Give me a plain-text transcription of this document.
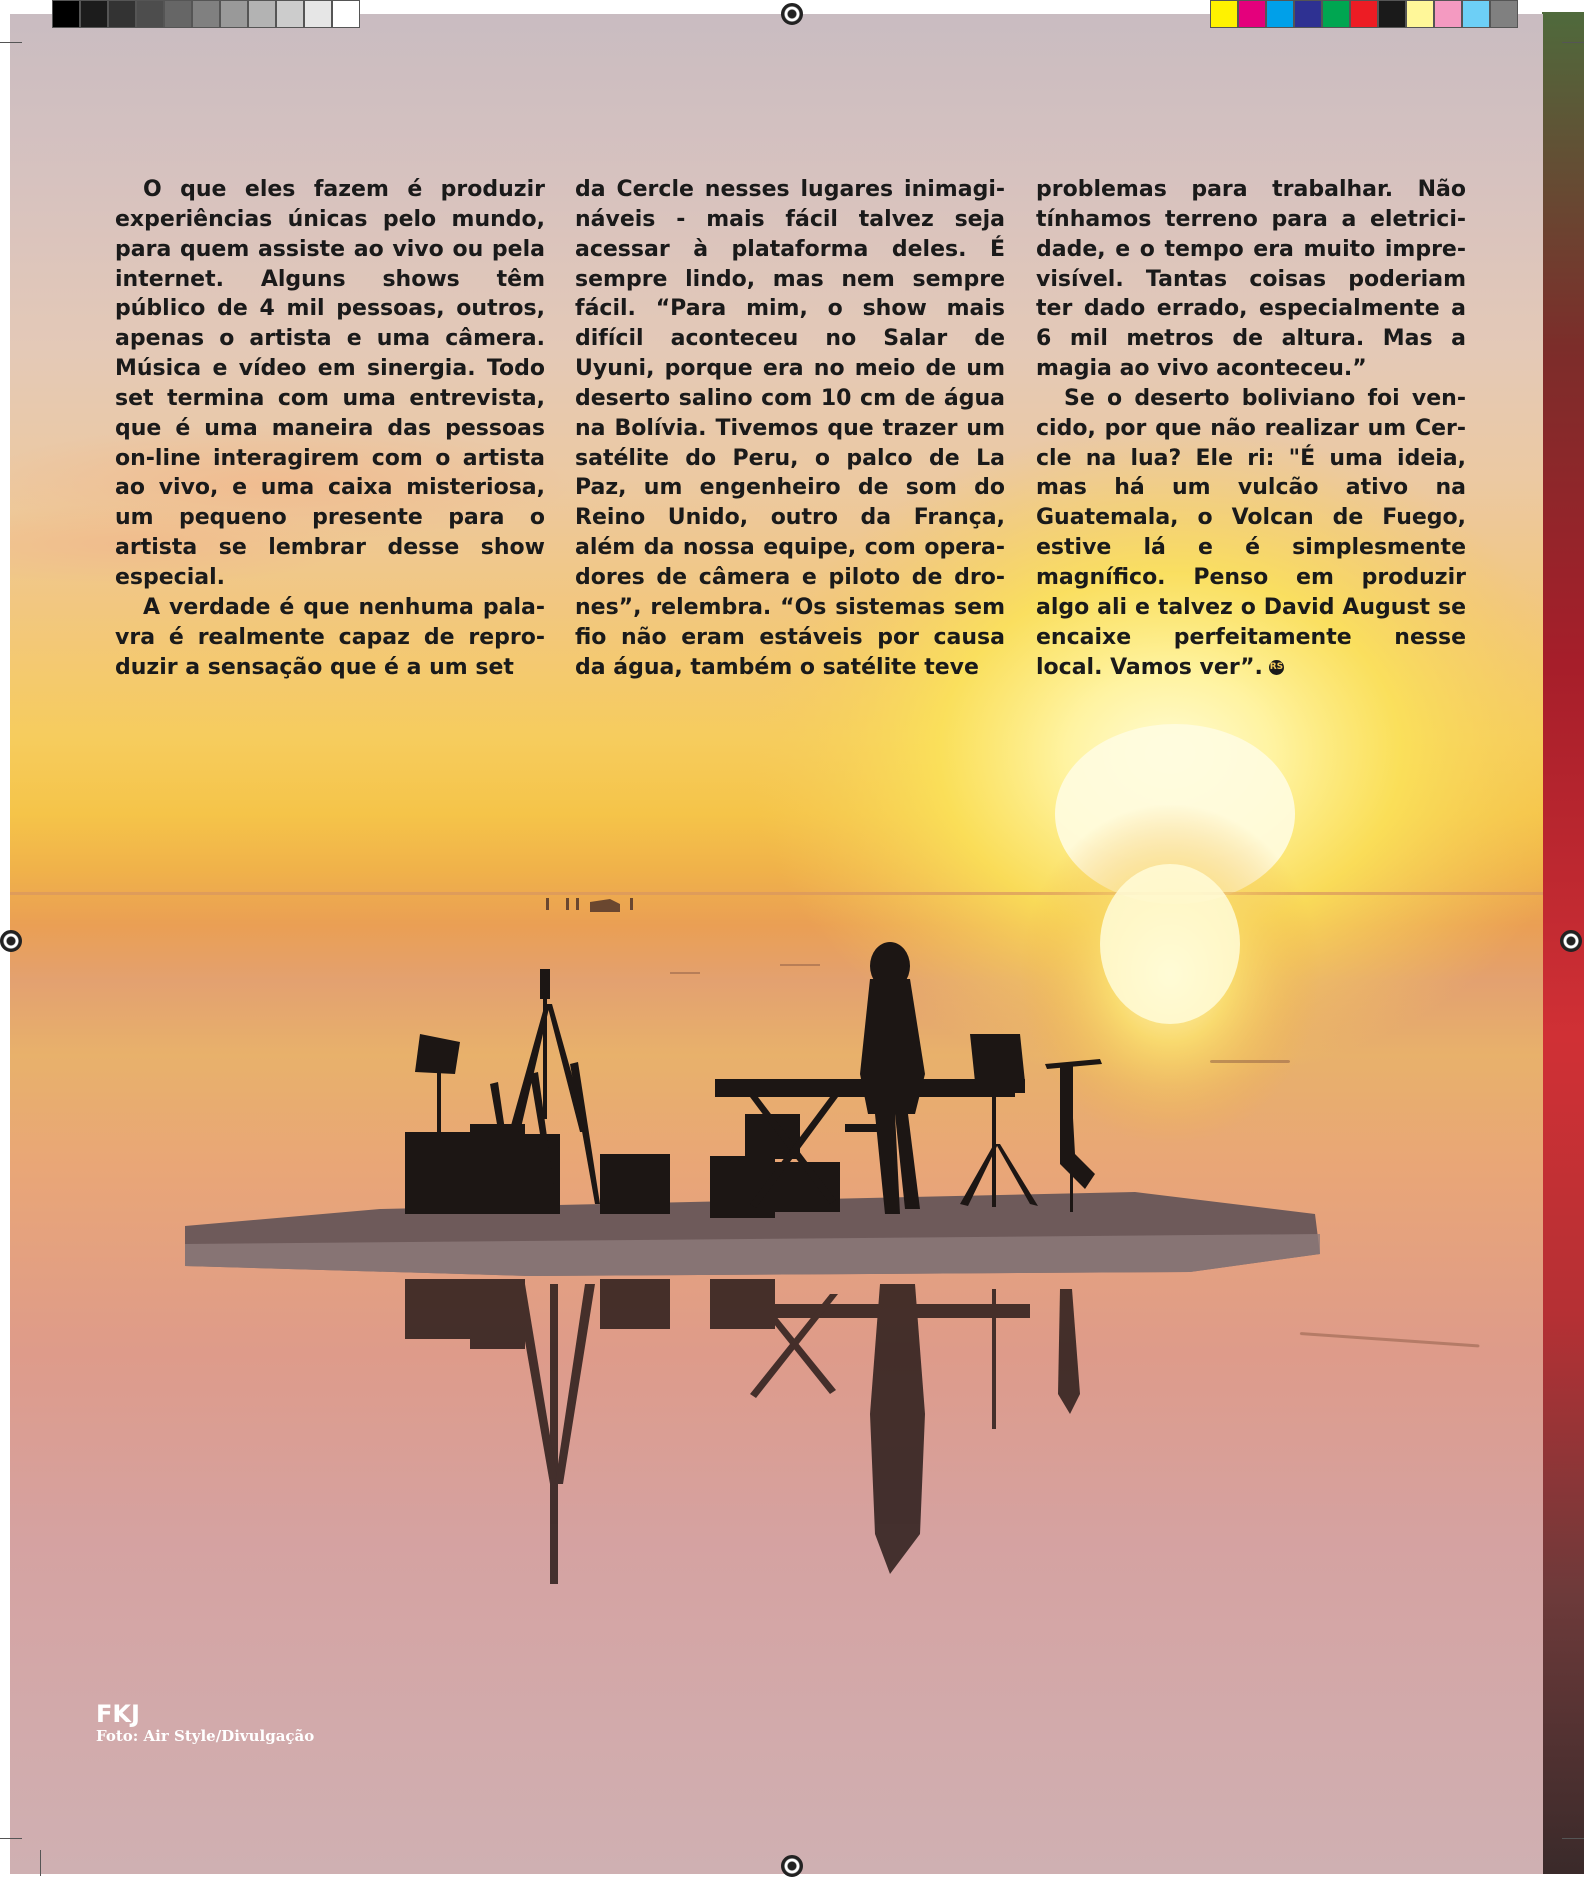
O que eles fazem é produzir experiências únicas pelo mundo, para quem assiste ao vivo ou pela internet. Alguns shows têm público de 4 mil pessoas, outros, apenas o artista e uma câmera. Música e vídeo em sinergia. Todo set termina com uma entrevista, que é uma maneira das pessoas on-line interagirem com o artista ao vivo, e uma caixa misteriosa, um pequeno presente para o artista se lembrar desse show especial.

A verdade é que nenhuma palavra é realmente capaz de reproduzir a sensação que é a um set

da Cercle nesses lugares inimagináveis - mais fácil talvez seja acessar à plataforma deles. É sempre lindo, mas nem sempre fácil. “Para mim, o show mais difícil aconteceu no Salar de Uyuni, porque era no meio de um deserto salino com 10 cm de água na Bolívia. Tivemos que trazer um satélite do Peru, o palco de La Paz, um engenheiro de som do Reino Unido, outro da França, além da nossa equipe, com operadores de câmera e piloto de drones”, relembra. “Os sistemas sem fio não eram estáveis por causa da água, também o satélite teve

problemas para trabalhar. Não tínhamos terreno para a eletricidade, e o tempo era muito imprevisível. Tantas coisas poderiam ter dado errado, especialmente a 6 mil metros de altura. Mas a magia ao vivo aconteceu.”

Se o deserto boliviano foi vencido, por que não realizar um Cercle na lua? Ele ri: "É uma ideia, mas há um vulcão ativo na Guatemala, o Volcan de Fuego, estive lá e é simplesmente magnífico. Penso em produzir algo ali e talvez o David August se encaixe perfeitamente nesse local. Vamos ver”. RS

FKJ

Foto: Air Style/Divulgação
